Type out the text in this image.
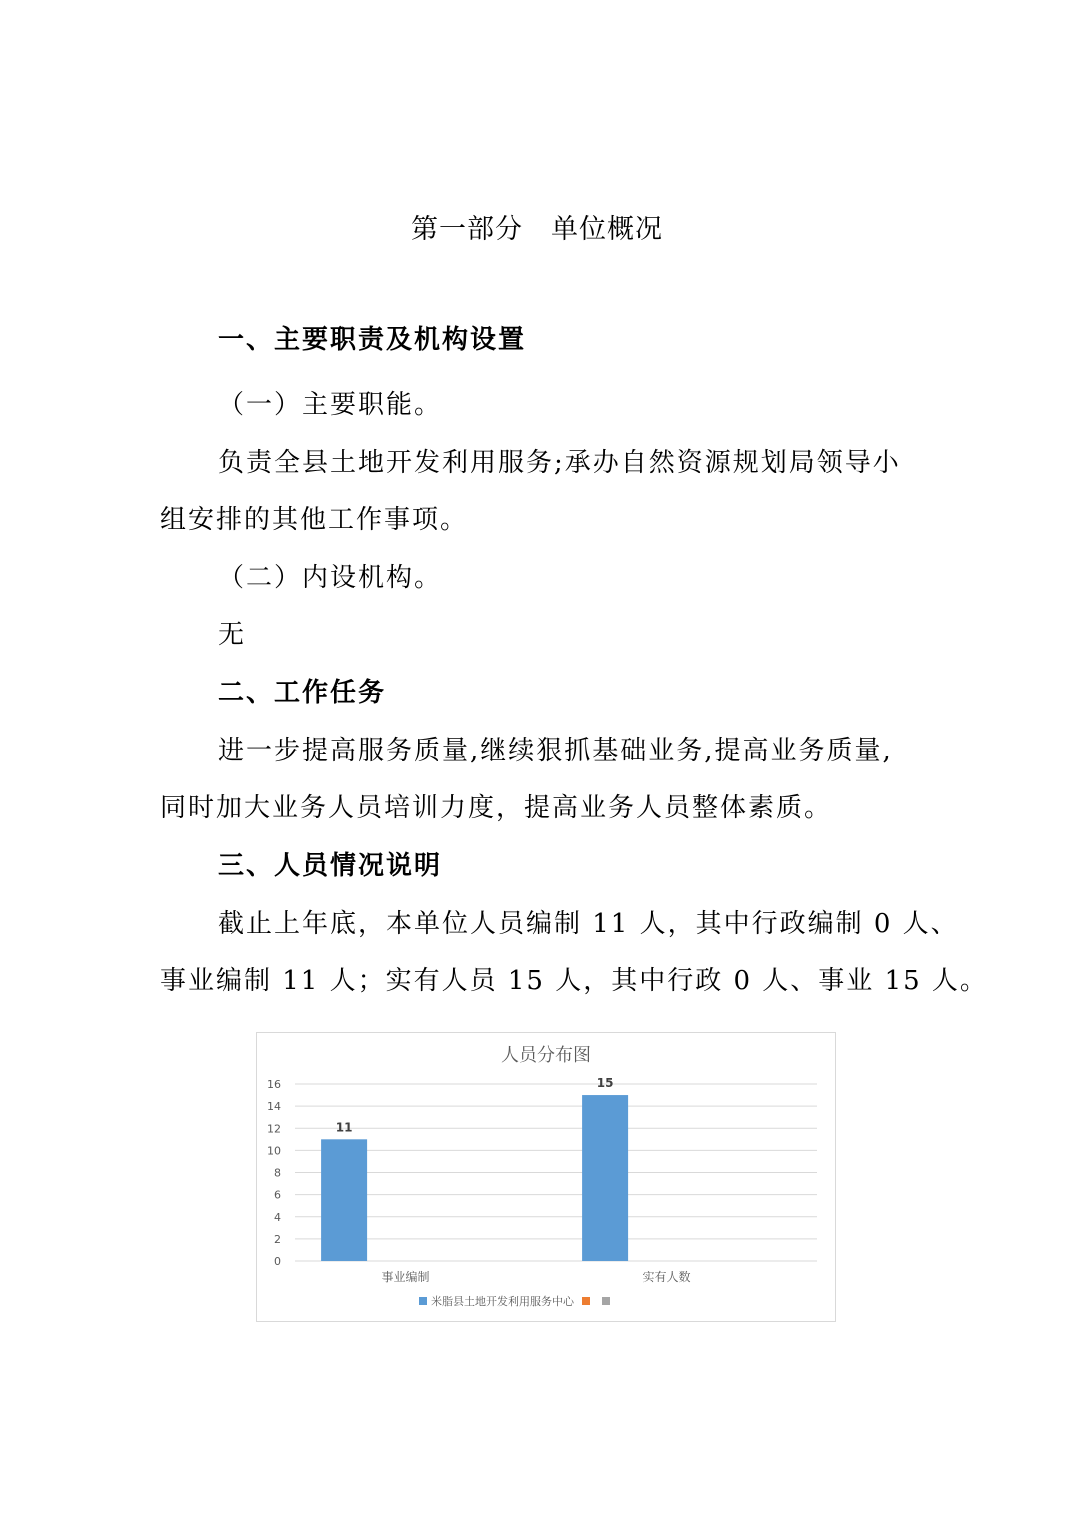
第一部分　单位概况
一、主要职责及机构设置
（一）主要职能。
负责全县土地开发利用服务;承办自然资源规划局领导小
组安排的其他工作事项。
（二）内设机构。
无
二、工作任务
进一步提高服务质量,继续狠抓基础业务,提高业务质量,
同时加大业务人员培训力度，提高业务人员整体素质。
三、人员情况说明
截止上年底，本单位人员编制 11 人，其中行政编制 0 人、
事业编制 11 人；实有人员 15 人，其中行政 0 人、事业 15 人。
人员分布图
0
2
4
6
8
10
12
14
16
11
15
事业编制	实有人数
米脂县土地开发利用服务中心
